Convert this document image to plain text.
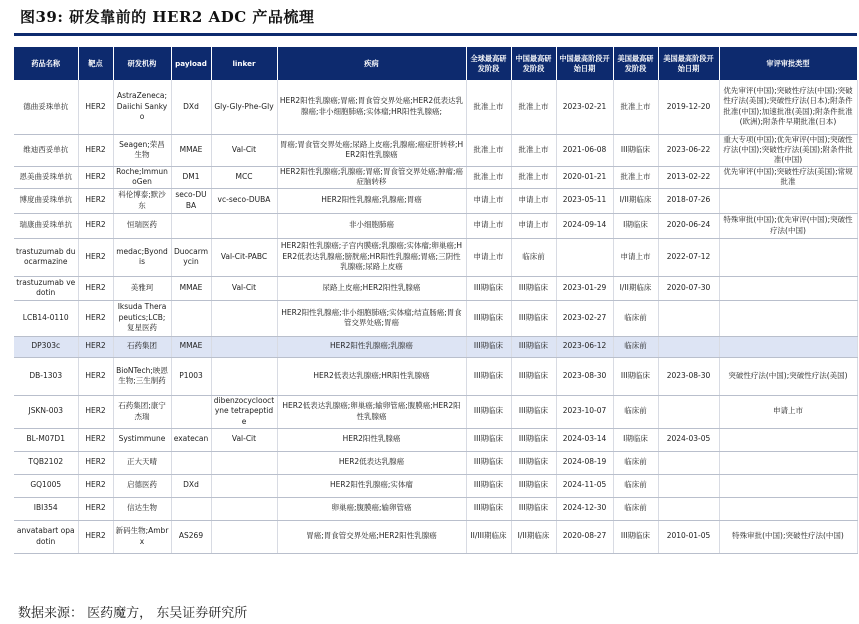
图39: 研发靠前的 HER2 ADC 产品梳理
药品名称	靶点	研发机构	payload	linker	疾病	全球最高研发阶段	中国最高研发阶段	中国最高阶段开始日期	美国最高研发阶段	美国最高阶段开始日期	审评审批类型
德曲妥珠单抗	HER2	AstraZeneca;Daiichi Sankyo	DXd	Gly-Gly-Phe-Gly	HER2阳性乳腺癌;胃癌;胃食管交界处癌;HER2低表达乳腺癌;非小细胞肺癌;实体瘤;HR阳性乳腺癌;	批准上市	批准上市	2023-02-21	批准上市	2019-12-20	优先审评(中国);突破性疗法(中国);突破性疗法(美国);突破性疗法(日本);附条件批准(中国);加速批准(美国);附条件批准(欧洲);附条件早期批准(日本)
维迪西妥单抗	HER2	Seagen;荣昌生物	MMAE	Val-Cit	胃癌;胃食管交界处癌;尿路上皮癌;乳腺癌;癌症肝转移;HER2阳性乳腺癌	批准上市	批准上市	2021-06-08	III期临床	2023-06-22	重大专项(中国);优先审评(中国);突破性疗法(中国);突破性疗法(美国);附条件批准(中国)
恩美曲妥珠单抗	HER2	Roche;ImmunoGen	DM1	MCC	HER2阳性乳腺癌;乳腺癌;胃癌;胃食管交界处癌;肿瘤;癌症脑转移	批准上市	批准上市	2020-01-21	批准上市	2013-02-22	优先审评(中国);突破性疗法(美国);常规批准
博度曲妥珠单抗	HER2	科伦博泰;默沙东	seco-DUBA	vc-seco-DUBA	HER2阳性乳腺癌;乳腺癌;胃癌	申请上市	申请上市	2023-05-11	I/II期临床	2018-07-26	
瑞康曲妥珠单抗	HER2	恒瑞医药			非小细胞肺癌	申请上市	申请上市	2024-09-14	I期临床	2020-06-24	特殊审批(中国);优先审评(中国);突破性疗法(中国)
trastuzumab duocarmazine	HER2	medac;Byondis	Duocarmycin	Val-Cit-PABC	HER2阳性乳腺癌;子宫内膜癌;乳腺癌;实体瘤;卵巢癌;HER2低表达乳腺癌;膀胱癌;HR阳性乳腺癌;胃癌;三阴性乳腺癌;尿路上皮癌	申请上市	临床前		申请上市	2022-07-12	
trastuzumab vedotin	HER2	美雅珂	MMAE	Val-Cit	尿路上皮癌;HER2阳性乳腺癌	III期临床	III期临床	2023-01-29	I/II期临床	2020-07-30	
LCB14-0110	HER2	Iksuda Therapeutics;LCB;复星医药			HER2阳性乳腺癌;非小细胞肺癌;实体瘤;结直肠癌;胃食管交界处癌;胃癌	III期临床	III期临床	2023-02-27	临床前		
DP303c	HER2	石药集团	MMAE		HER2阳性乳腺癌;乳腺癌	III期临床	III期临床	2023-06-12	临床前		
DB-1303	HER2	BioNTech;映恩生物;三生制药	P1003		HER2低表达乳腺癌;HR阳性乳腺癌	III期临床	III期临床	2023-08-30	III期临床	2023-08-30	突破性疗法(中国);突破性疗法(美国)
JSKN-003	HER2	石药集团;康宁杰瑞		dibenzocyclooctyne tetrapeptide	HER2低表达乳腺癌;卵巢癌;输卵管癌;腹膜癌;HER2阳性乳腺癌	III期临床	III期临床	2023-10-07	临床前		申请上市
BL-M07D1	HER2	Systimmune	exatecan	Val-Cit	HER2阳性乳腺癌	III期临床	III期临床	2024-03-14	I期临床	2024-03-05	
TQB2102	HER2	正大天晴			HER2低表达乳腺癌	III期临床	III期临床	2024-08-19	临床前		
GQ1005	HER2	启德医药	DXd		HER2阳性乳腺癌;实体瘤	III期临床	III期临床	2024-11-05	临床前		
IBI354	HER2	信达生物			卵巢癌;腹膜癌;输卵管癌	III期临床	III期临床	2024-12-30	临床前		
anvatabart opadotin	HER2	新码生物;Ambrx	AS269		胃癌;胃食管交界处癌;HER2阳性乳腺癌	II/III期临床	I/II期临床	2020-08-27	III期临床	2010-01-05	特殊审批(中国);突破性疗法(中国)
数据来源： 医药魔方， 东吴证券研究所
